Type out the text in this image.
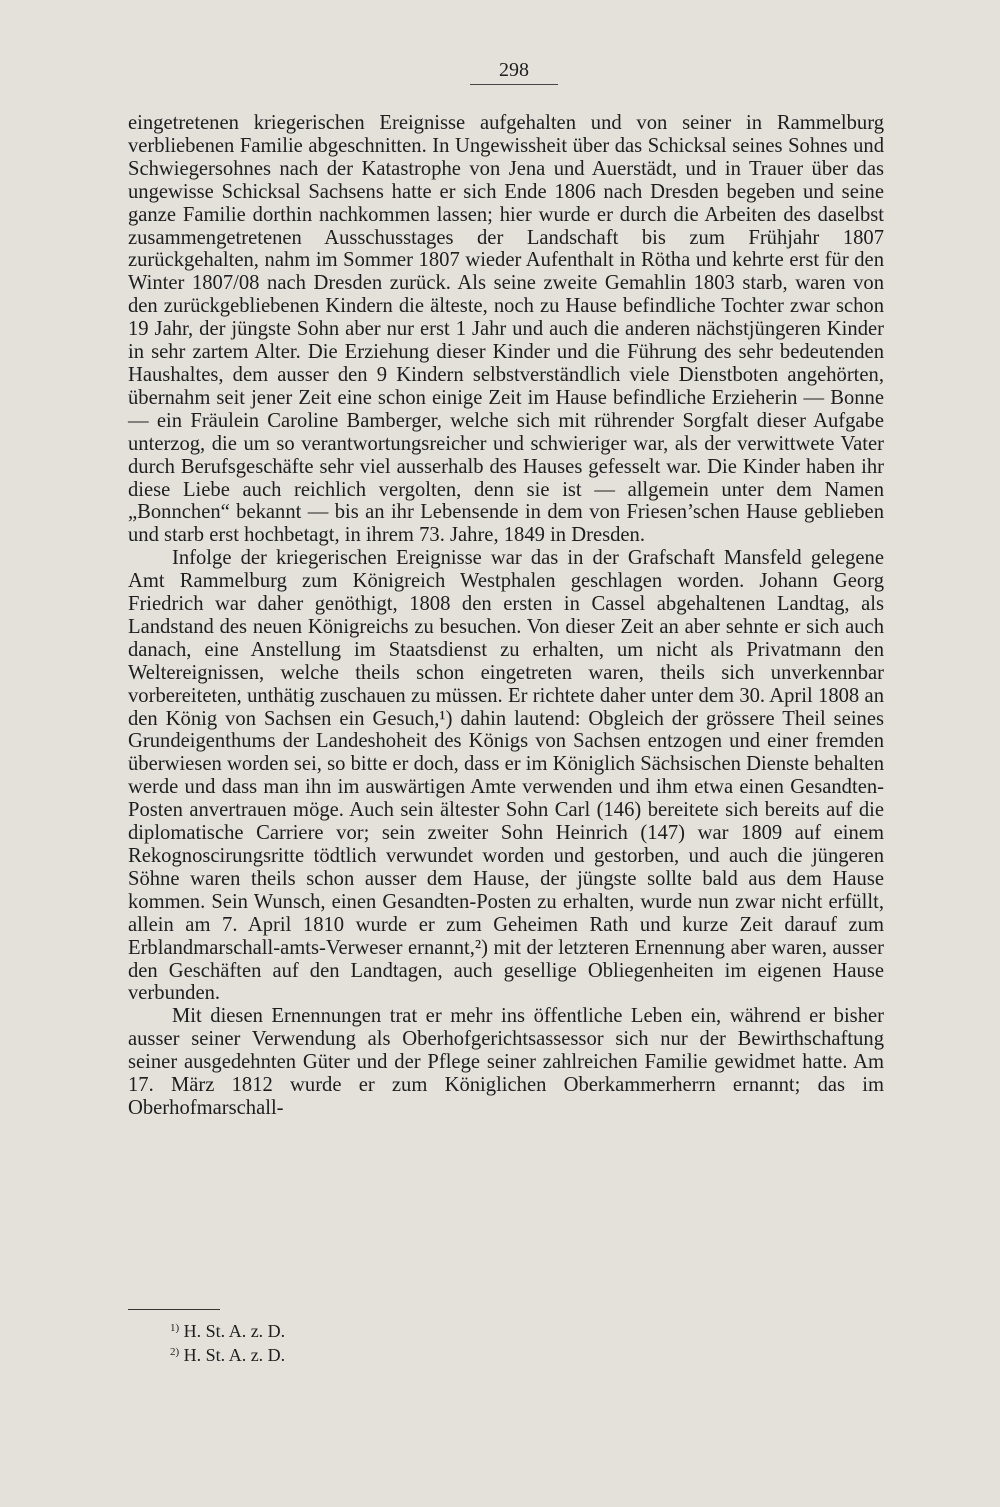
298

eingetretenen kriegerischen Ereignisse aufgehalten und von seiner in Rammelburg verbliebenen Familie abgeschnitten. In Ungewissheit über das Schicksal seines Sohnes und Schwiegersohnes nach der Katastrophe von Jena und Auerstädt, und in Trauer über das ungewisse Schicksal Sachsens hatte er sich Ende 1806 nach Dresden begeben und seine ganze Familie dorthin nachkommen lassen; hier wurde er durch die Arbeiten des daselbst zusammengetretenen Ausschusstages der Landschaft bis zum Frühjahr 1807 zurückgehalten, nahm im Sommer 1807 wieder Aufenthalt in Rötha und kehrte erst für den Winter 1807/08 nach Dresden zurück. Als seine zweite Gemahlin 1803 starb, waren von den zurückgebliebenen Kindern die älteste, noch zu Hause befindliche Tochter zwar schon 19 Jahr, der jüngste Sohn aber nur erst 1 Jahr und auch die anderen nächstjüngeren Kinder in sehr zartem Alter. Die Erziehung dieser Kinder und die Führung des sehr bedeutenden Haushaltes, dem ausser den 9 Kindern selbstverständlich viele Dienstboten angehörten, übernahm seit jener Zeit eine schon einige Zeit im Hause befindliche Erzieherin — Bonne — ein Fräulein Caroline Bamberger, welche sich mit rührender Sorgfalt dieser Aufgabe unterzog, die um so verantwortungsreicher und schwieriger war, als der verwittwete Vater durch Berufsgeschäfte sehr viel ausserhalb des Hauses gefesselt war. Die Kinder haben ihr diese Liebe auch reichlich vergolten, denn sie ist — allgemein unter dem Namen „Bonnchen“ bekannt — bis an ihr Lebensende in dem von Friesen’schen Hause geblieben und starb erst hochbetagt, in ihrem 73. Jahre, 1849 in Dresden.

Infolge der kriegerischen Ereignisse war das in der Grafschaft Mansfeld gelegene Amt Rammelburg zum Königreich Westphalen geschlagen worden. Johann Georg Friedrich war daher genöthigt, 1808 den ersten in Cassel abgehaltenen Landtag, als Landstand des neuen Königreichs zu besuchen. Von dieser Zeit an aber sehnte er sich auch danach, eine Anstellung im Staatsdienst zu erhalten, um nicht als Privatmann den Weltereignissen, welche theils schon eingetreten waren, theils sich unverkennbar vorbereiteten, unthätig zuschauen zu müssen. Er richtete daher unter dem 30. April 1808 an den König von Sachsen ein Gesuch,¹) dahin lautend: Obgleich der grössere Theil seines Grundeigenthums der Landeshoheit des Königs von Sachsen entzogen und einer fremden überwiesen worden sei, so bitte er doch, dass er im Königlich Sächsischen Dienste behalten werde und dass man ihn im auswärtigen Amte verwenden und ihm etwa einen Gesandten-Posten anvertrauen möge. Auch sein ältester Sohn Carl (146) bereitete sich bereits auf die diplomatische Carriere vor; sein zweiter Sohn Heinrich (147) war 1809 auf einem Rekognoscirungsritte tödtlich verwundet worden und gestorben, und auch die jüngeren Söhne waren theils schon ausser dem Hause, der jüngste sollte bald aus dem Hause kommen. Sein Wunsch, einen Gesandten-Posten zu erhalten, wurde nun zwar nicht erfüllt, allein am 7. April 1810 wurde er zum Geheimen Rath und kurze Zeit darauf zum Erblandmarschall-amts-Verweser ernannt,²) mit der letzteren Ernennung aber waren, ausser den Geschäften auf den Landtagen, auch gesellige Obliegenheiten im eigenen Hause verbunden.

Mit diesen Ernennungen trat er mehr ins öffentliche Leben ein, während er bisher ausser seiner Verwendung als Oberhofgerichtsassessor sich nur der Bewirthschaftung seiner ausgedehnten Güter und der Pflege seiner zahlreichen Familie gewidmet hatte. Am 17. März 1812 wurde er zum Königlichen Oberkammerherrn ernannt; das im Oberhofmarschall-

$^{1)}$ H. St. A. z. D.

$^{2)}$ H. St. A. z. D.
